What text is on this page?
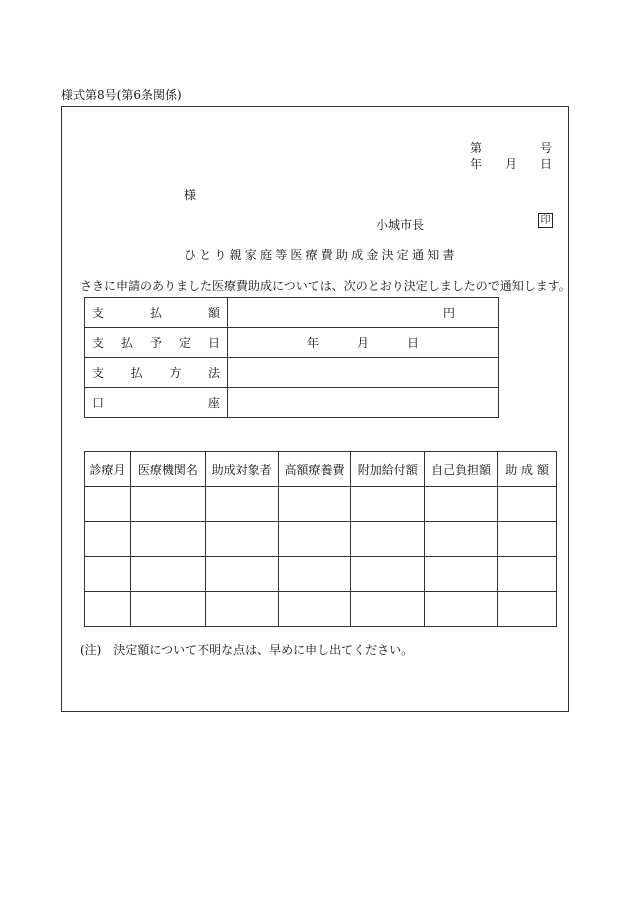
様式第8号(第6条関係)
第	号
年 月 日
様
小城市長	印
ひとり親家庭等医療費助成金決定通知書
さきに申請のありました医療費助成については、次のとおり決定しましたので通知します。
支 払 額	円

支 払 予 定 日	年 月 日

支 払 方 法	

口 座	

診療月	医療機関名	助成対象者	高額療養費	附加給付額	自己負担額	助 成 額

(注) 決定額について不明な点は、早めに申し出てください。
